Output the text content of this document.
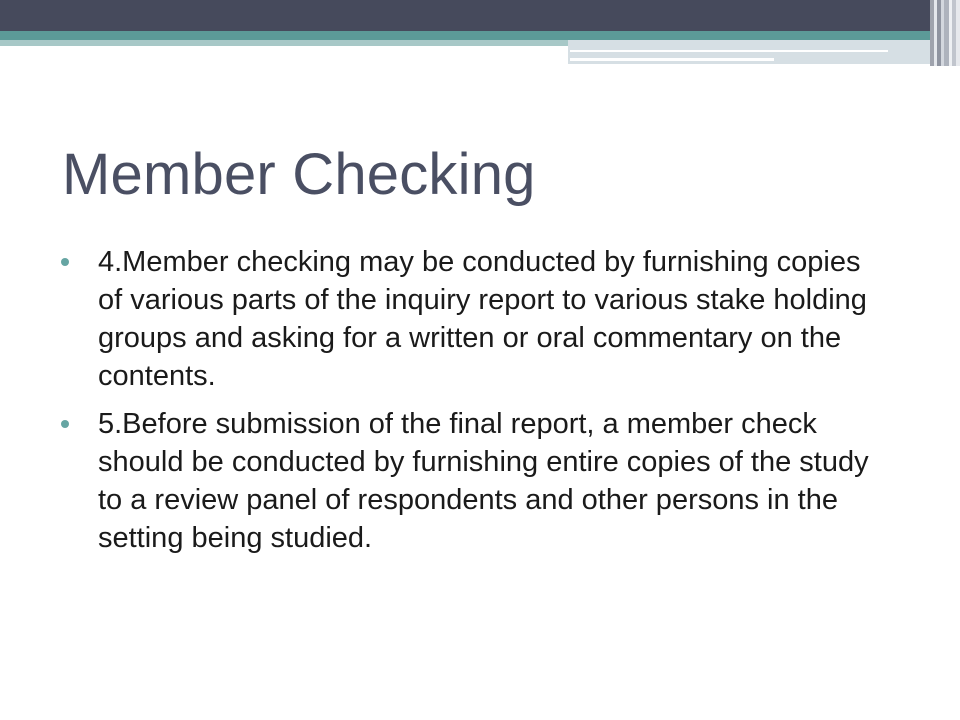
Member Checking
4.Member checking may be conducted by furnishing copies of various parts of the inquiry report to various stake holding groups and asking for a written or oral commentary on the contents.
5.Before submission of the final report, a member check should be conducted by furnishing entire copies of the study to a review panel of respondents and other persons in the setting being studied.
